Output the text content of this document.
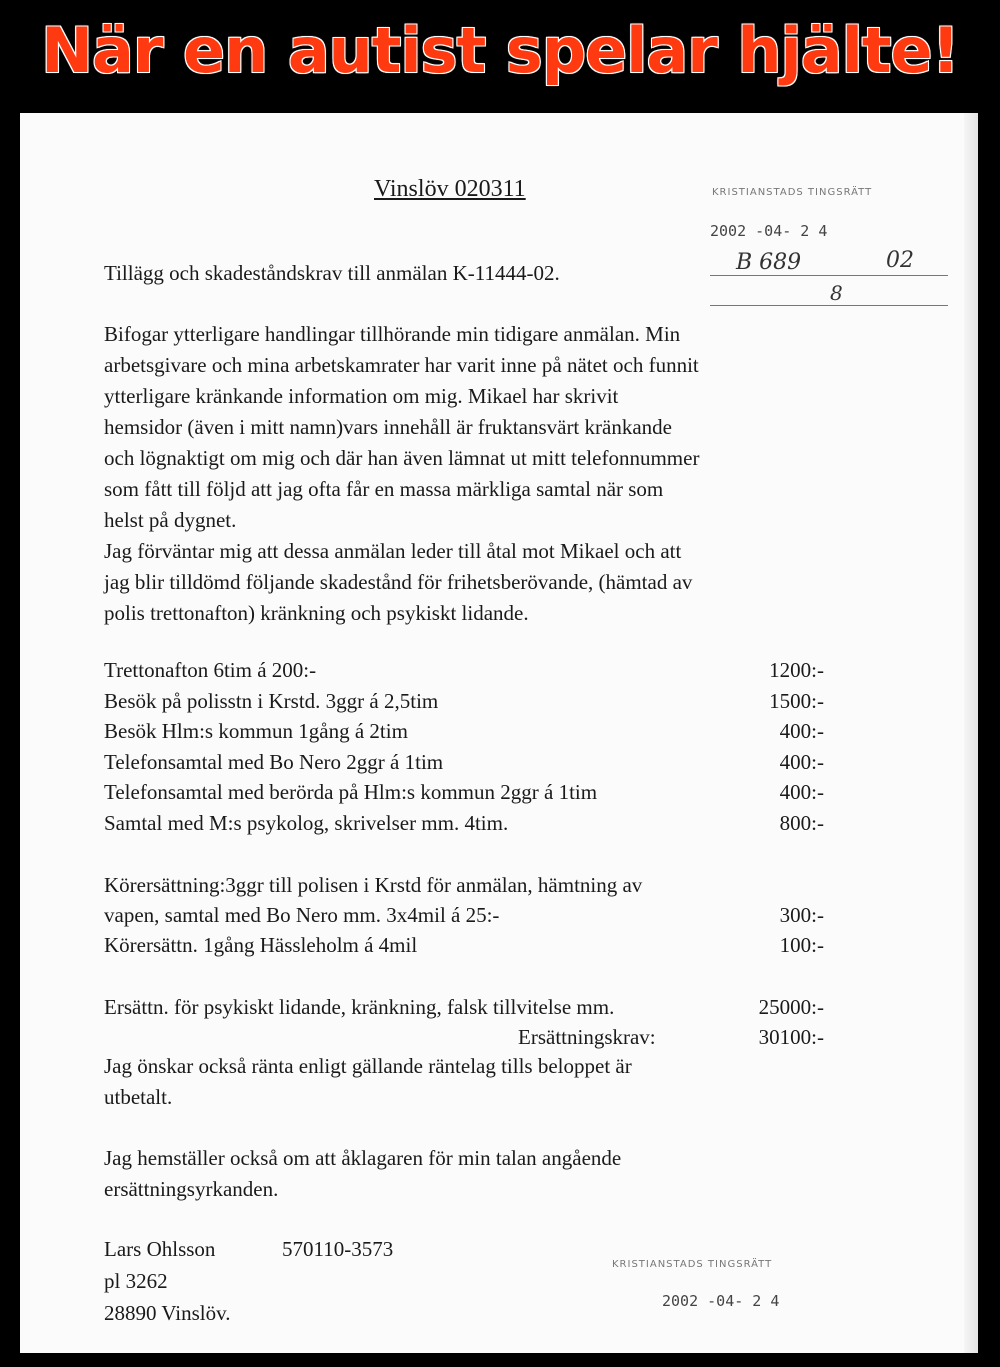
När en autist spelar hjälte!
Vinslöv 020311	KRISTIANSTADS TINGSRÄTT
2002 -04- 2 4
B 689	02
8
Tillägg och skadeståndskrav till anmälan K-11444-02.
Bifogar ytterligare handlingar tillhörande min tidigare anmälan. Min
arbetsgivare och mina arbetskamrater har varit inne på nätet och funnit
ytterligare kränkande information om mig. Mikael har skrivit
hemsidor (även i mitt namn)vars innehåll är fruktansvärt kränkande
och lögnaktigt om mig och där han även lämnat ut mitt telefonnummer
som fått till följd att jag ofta får en massa märkliga samtal när som
helst på dygnet.
Jag förväntar mig att dessa anmälan leder till åtal mot Mikael och att
jag blir tilldömd följande skadestånd för frihetsberövande, (hämtad av
polis trettonafton) kränkning och psykiskt lidande.
Trettonafton 6tim á 200:-	1200:-
Besök på polisstn i Krstd. 3ggr á 2,5tim	1500:-
Besök Hlm:s kommun 1gång á 2tim	400:-
Telefonsamtal med Bo Nero 2ggr á 1tim	400:-
Telefonsamtal med berörda på Hlm:s kommun 2ggr á 1tim	400:-
Samtal med M:s psykolog, skrivelser mm. 4tim.	800:-
Körersättning:3ggr till polisen i Krstd för anmälan, hämtning av
vapen, samtal med Bo Nero mm. 3x4mil á 25:-	300:-
Körersättn. 1gång Hässleholm á 4mil	100:-
Ersättn. för psykiskt lidande, kränkning, falsk tillvitelse mm.	25000:-
Ersättningskrav:	30100:-
Jag önskar också ränta enligt gällande räntelag tills beloppet är
utbetalt.
Jag hemställer också om att åklagaren för min talan angående
ersättningsyrkanden.
Lars Ohlsson
pl 3262
28890 Vinslöv.
570110-3573
KRISTIANSTADS TINGSRÄTT
2002 -04- 2 4
